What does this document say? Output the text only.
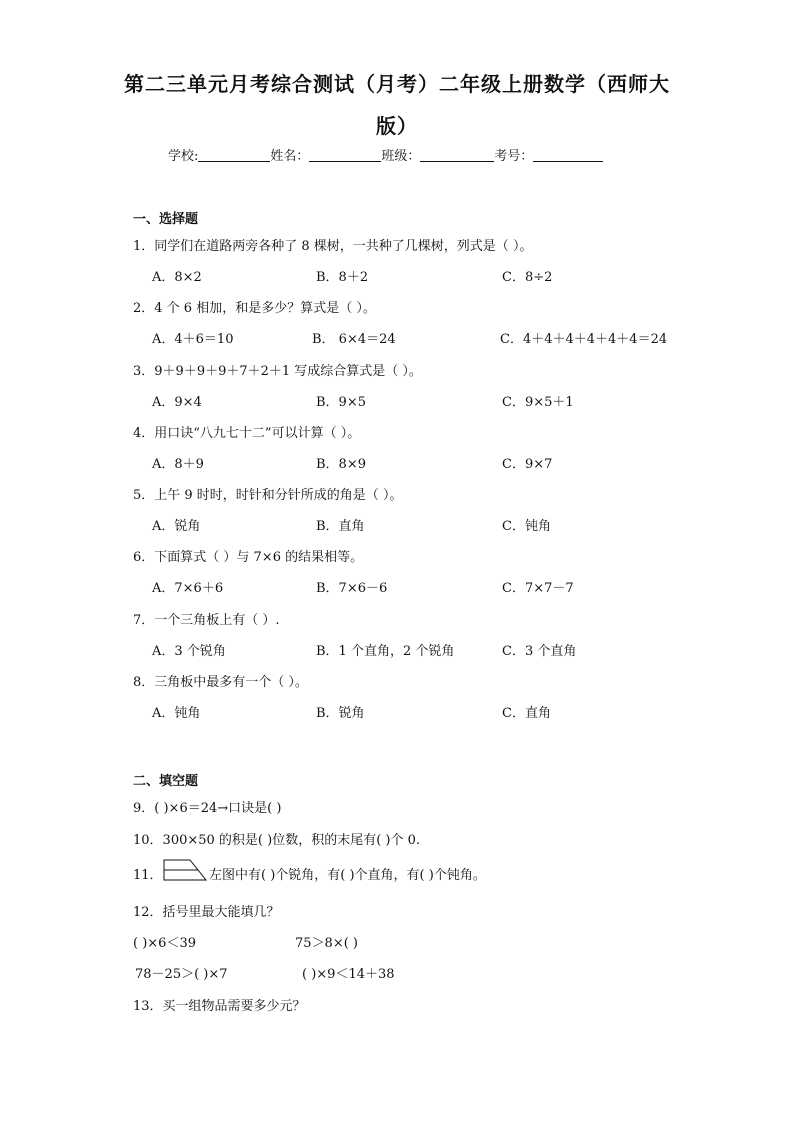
第二三单元月考综合测试（月考）二年级上册数学（西师大
版）
学校:	姓名：	班级：	考号：
一、选择题
1．同学们在道路两旁各种了 8 棵树，一共种了几棵树，列式是（ ）。
A．8×2	B．8＋2	C．8÷2
2．4 个 6 相加，和是多少？算式是（ ）。
A．4＋6＝10	B． 6×4＝24	C．4＋4＋4＋4＋4＋4＝24
3．9＋9＋9＋9＋7＋2＋1 写成综合算式是（ ）。
A．9×4	B．9×5	C．9×5＋1
4．用口诀“八九七十二”可以计算（ ）。
A．8＋9	B．8×9	C．9×7
5．上午 9 时时，时针和分针所成的角是（ ）。
A．锐角	B．直角	C．钝角
6．下面算式（ ）与 7×6 的结果相等。
A．7×6＋6	B．7×6－6	C．7×7－7
7．一个三角板上有（ ）.
A．3 个锐角	B．1 个直角，2 个锐角	C．3 个直角
8．三角板中最多有一个（ ）。
A．钝角	B．锐角	C．直角
二、填空题
9．( )×6＝24→口诀是( )
10．300×50 的积是( )位数，积的末尾有( )个 0.
11．	左图中有( )个锐角，有( )个直角，有( )个钝角。
12．括号里最大能填几？
( )×6＜39	75＞8×( )
78－25＞( )×7	( )×9＜14＋38
13．买一组物品需要多少元？
